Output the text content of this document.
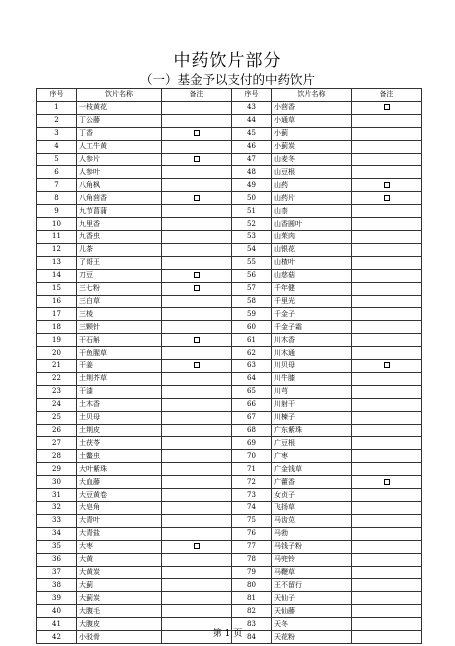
中药饮片部分
（一）基金予以支付的中药饮片
序号	饮片名称	备注	序号	饮片名称	备注
1	一枝黄花		43	小茴香	
2	丁公藤		44	小通草	
3	丁香		45	小蓟	
4	人工牛黄		46	小蓟炭	
5	人参片		47	山麦冬	
6	人参叶		48	山豆根	
7	八角枫		49	山药	
8	八角茴香		50	山药片	
9	九节菖蒲		51	山柰	
10	九里香		52	山香圆叶	
11	九香虫		53	山茱肉	
12	儿茶		54	山银花	
13	了哥王		55	山楂叶	
14	刀豆		56	山慈菇	
15	三七粉		57	千年健	
16	三白草		58	千里光	
17	三棱		59	千金子	
18	三颗针		60	千金子霜	
19	干石斛		61	川木香	
20	干鱼腥草		62	川木通	
21	干姜		63	川贝母	
22	土荆芥草		64	川牛膝	
23	干漆		65	川芎	
24	土木香		66	川射干	
25	土贝母		67	川楝子	
26	土荆皮		68	广东紫珠	
27	土茯苓		69	广豆根	
28	土鳖虫		70	广枣	
29	大叶紫珠		71	广金钱草	
30	大血藤		72	广藿香	
31	大豆黄卷		73	女贞子	
32	大皂角		74	飞扬草	
33	大青叶		75	马齿苋	
34	大青盐		76	马勃	
35	大枣		77	马钱子粉	
36	大黄		78	马兜铃	
37	大黄炭		79	马鞭草	
38	大蓟		80	王不留行	
39	大蓟炭		81	天仙子	
40	大腹毛		82	天仙藤	
41	大腹皮		83	天冬	
42	小驳骨		84	天花粉	
第 1 页
